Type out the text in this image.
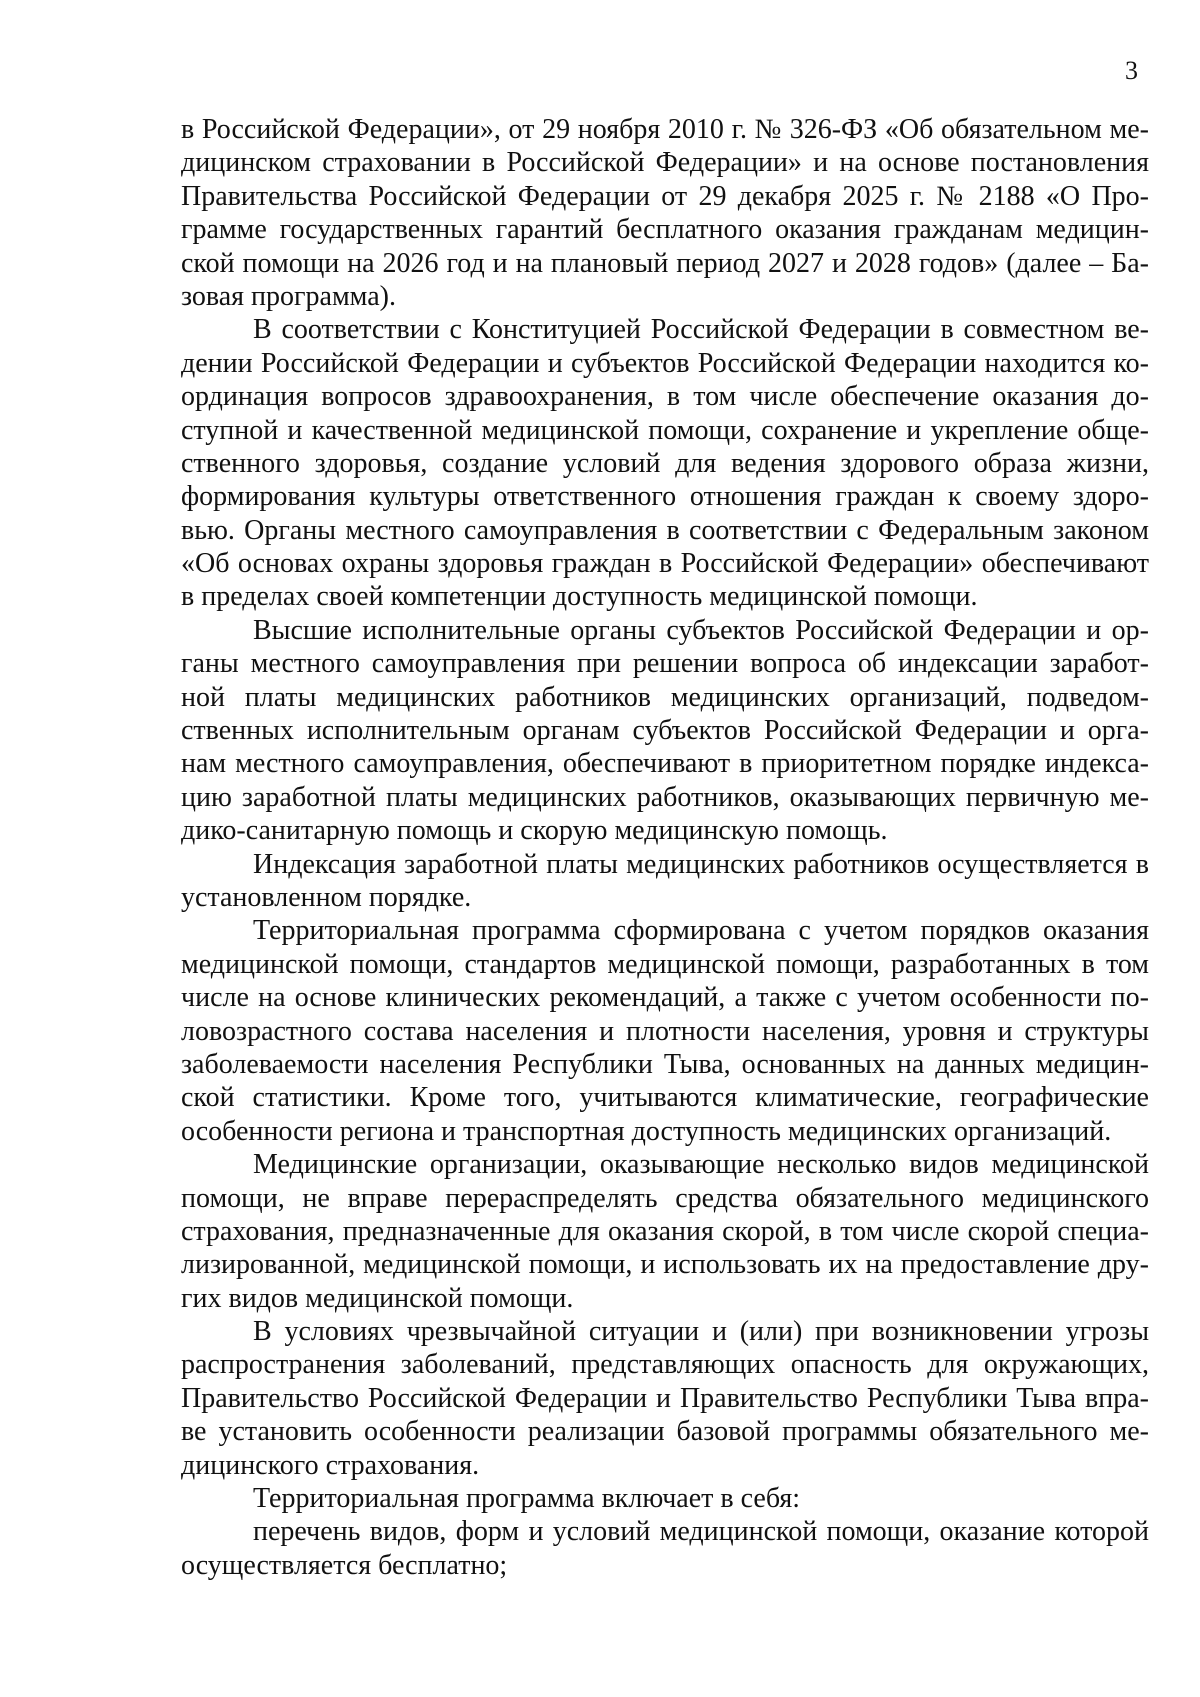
3
в Российской Федерации», от 29 ноября 2010 г. № 326-ФЗ «Об обязательном ме-
дицинском страховании в Российской Федерации» и на основе постановления
Правительства Российской Федерации от 29 декабря 2025 г. № 2188 «О Про-
грамме государственных гарантий бесплатного оказания гражданам медицин-
ской помощи на 2026 год и на плановый период 2027 и 2028 годов» (далее – Ба-
зовая программа).
В соответствии с Конституцией Российской Федерации в совместном ве-
дении Российской Федерации и субъектов Российской Федерации находится ко-
ординация вопросов здравоохранения, в том числе обеспечение оказания до-
ступной и качественной медицинской помощи, сохранение и укрепление обще-
ственного здоровья, создание условий для ведения здорового образа жизни,
формирования культуры ответственного отношения граждан к своему здоро-
вью. Органы местного самоуправления в соответствии с Федеральным законом
«Об основах охраны здоровья граждан в Российской Федерации» обеспечивают
в пределах своей компетенции доступность медицинской помощи.
Высшие исполнительные органы субъектов Российской Федерации и ор-
ганы местного самоуправления при решении вопроса об индексации заработ-
ной платы медицинских работников медицинских организаций, подведом-
ственных исполнительным органам субъектов Российской Федерации и орга-
нам местного самоуправления, обеспечивают в приоритетном порядке индекса-
цию заработной платы медицинских работников, оказывающих первичную ме-
дико-санитарную помощь и скорую медицинскую помощь.
Индексация заработной платы медицинских работников осуществляется в
установленном порядке.
Территориальная программа сформирована с учетом порядков оказания
медицинской помощи, стандартов медицинской помощи, разработанных в том
числе на основе клинических рекомендаций, а также с учетом особенности по-
ловозрастного состава населения и плотности населения, уровня и структуры
заболеваемости населения Республики Тыва, основанных на данных медицин-
ской статистики. Кроме того, учитываются климатические, географические
особенности региона и транспортная доступность медицинских организаций.
Медицинские организации, оказывающие несколько видов медицинской
помощи, не вправе перераспределять средства обязательного медицинского
страхования, предназначенные для оказания скорой, в том числе скорой специа-
лизированной, медицинской помощи, и использовать их на предоставление дру-
гих видов медицинской помощи.
В условиях чрезвычайной ситуации и (или) при возникновении угрозы
распространения заболеваний, представляющих опасность для окружающих,
Правительство Российской Федерации и Правительство Республики Тыва впра-
ве установить особенности реализации базовой программы обязательного ме-
дицинского страхования.
Территориальная программа включает в себя:
перечень видов, форм и условий медицинской помощи, оказание которой
осуществляется бесплатно;
